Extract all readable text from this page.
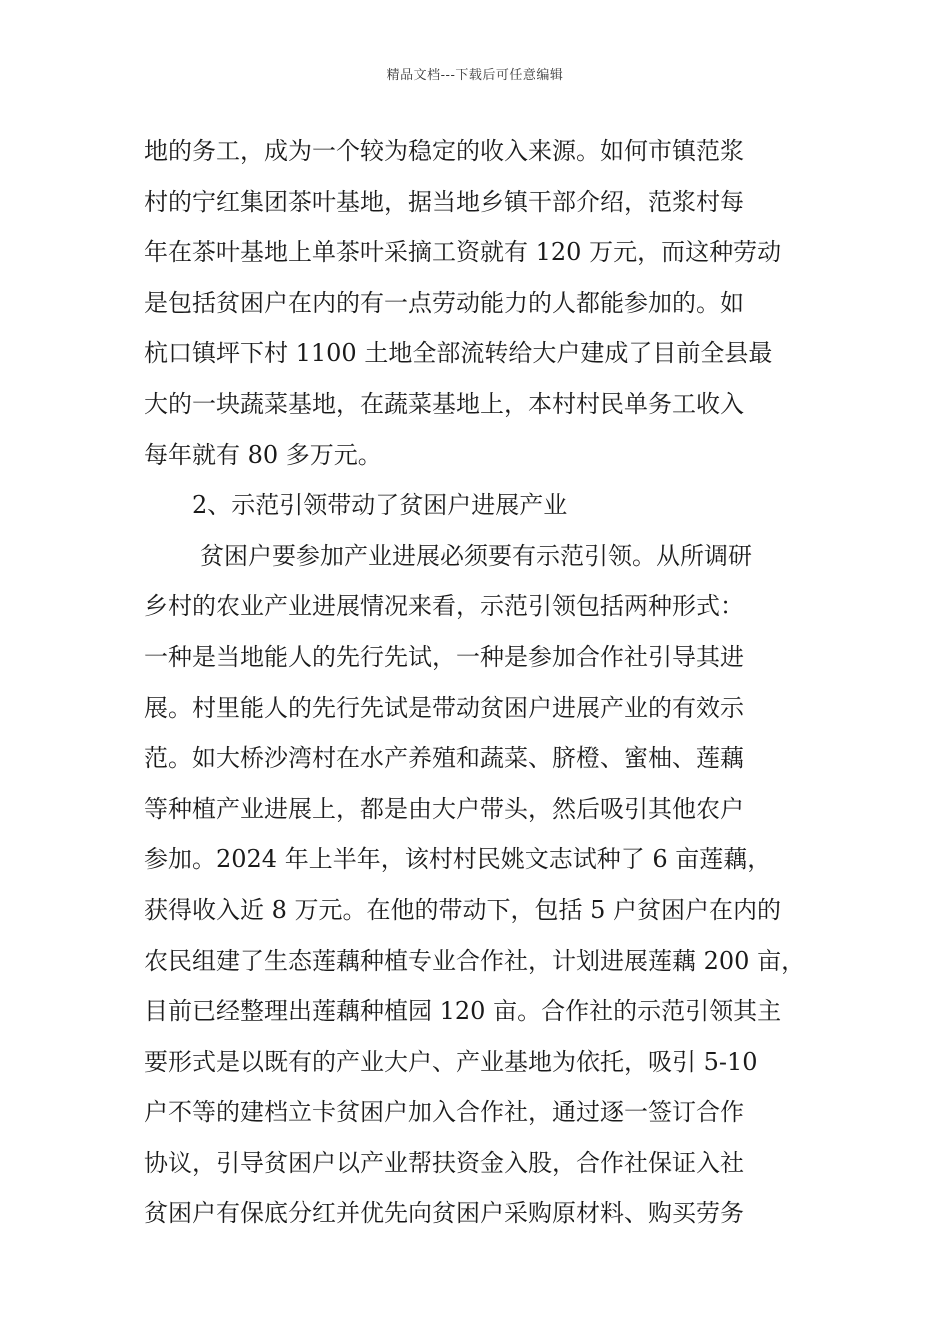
精品文档---下载后可任意编辑
地的务工，成为一个较为稳定的收入来源。如何市镇范浆
村的宁红集团茶叶基地，据当地乡镇干部介绍，范浆村每
年在茶叶基地上单茶叶采摘工资就有 120 万元，而这种劳动
是包括贫困户在内的有一点劳动能力的人都能参加的。如
杭口镇坪下村 1100 土地全部流转给大户建成了目前全县最
大的一块蔬菜基地，在蔬菜基地上，本村村民单务工收入
每年就有 80 多万元。
2、示范引领带动了贫困户进展产业
贫困户要参加产业进展必须要有示范引领。从所调研
乡村的农业产业进展情况来看，示范引领包括两种形式：
一种是当地能人的先行先试，一种是参加合作社引导其进
展。村里能人的先行先试是带动贫困户进展产业的有效示
范。如大桥沙湾村在水产养殖和蔬菜、脐橙、蜜柚、莲藕
等种植产业进展上，都是由大户带头，然后吸引其他农户
参加。2024 年上半年，该村村民姚文志试种了 6 亩莲藕，
获得收入近 8 万元。在他的带动下，包括 5 户贫困户在内的
农民组建了生态莲藕种植专业合作社，计划进展莲藕 200 亩，
目前已经整理出莲藕种植园 120 亩。合作社的示范引领其主
要形式是以既有的产业大户、产业基地为依托，吸引 5-10
户不等的建档立卡贫困户加入合作社，通过逐一签订合作
协议，引导贫困户以产业帮扶资金入股，合作社保证入社
贫困户有保底分红并优先向贫困户采购原材料、购买劳务
